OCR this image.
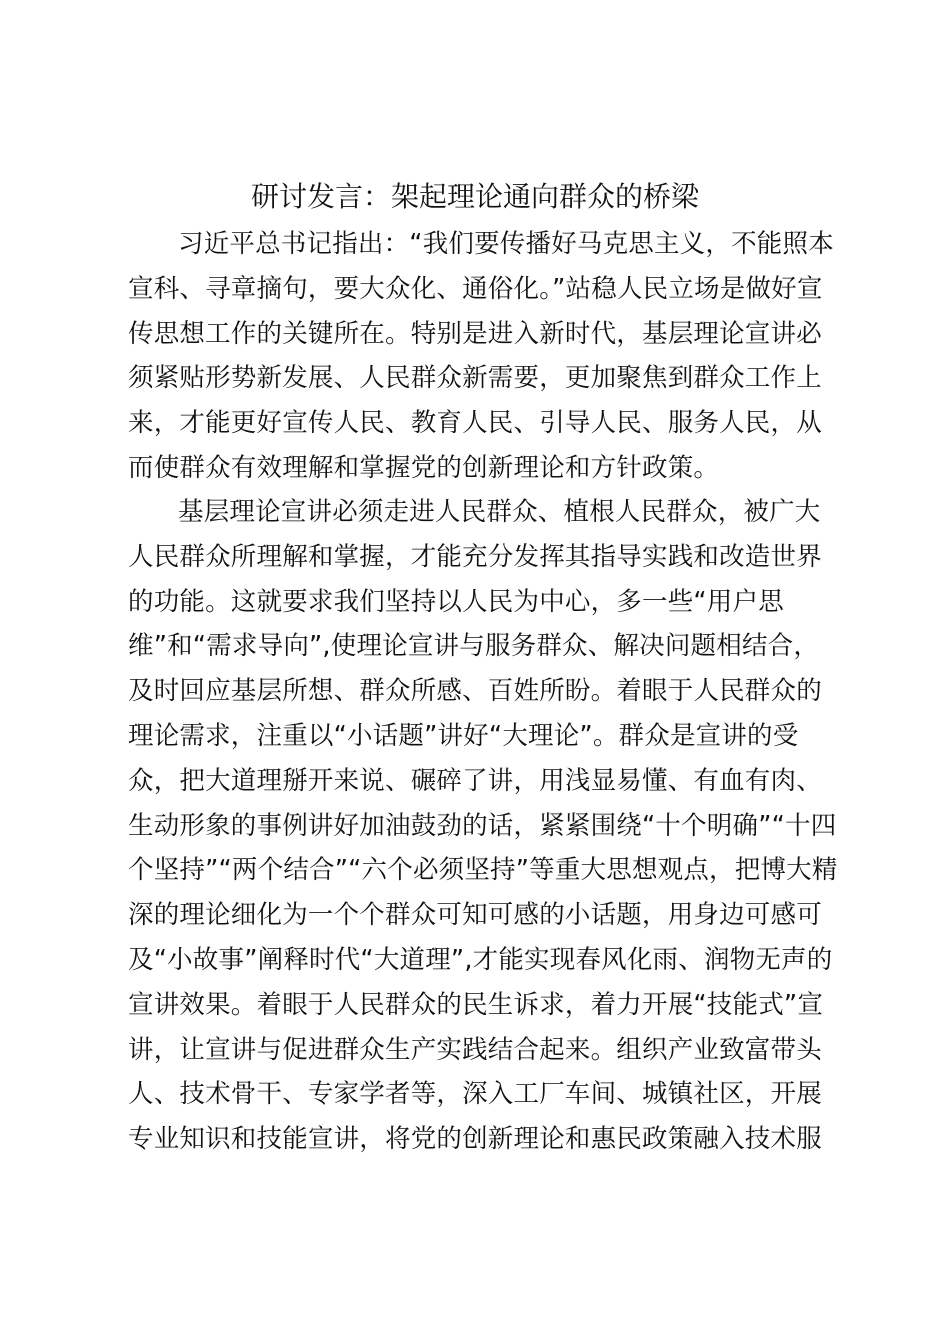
研讨发言：架起理论通向群众的桥梁
习近平总书记指出：“我们要传播好马克思主义，不能照本
宣科、寻章摘句，要大众化、通俗化。”站稳人民立场是做好宣
传思想工作的关键所在。特别是进入新时代，基层理论宣讲必
须紧贴形势新发展、人民群众新需要，更加聚焦到群众工作上
来，才能更好宣传人民、教育人民、引导人民、服务人民，从
而使群众有效理解和掌握党的创新理论和方针政策。
基层理论宣讲必须走进人民群众、植根人民群众，被广大
人民群众所理解和掌握，才能充分发挥其指导实践和改造世界
的功能。这就要求我们坚持以人民为中心，多一些“用户思
维”和“需求导向”,使理论宣讲与服务群众、解决问题相结合，
及时回应基层所想、群众所感、百姓所盼。着眼于人民群众的
理论需求，注重以“小话题”讲好“大理论”。群众是宣讲的受
众，把大道理掰开来说、碾碎了讲，用浅显易懂、有血有肉、
生动形象的事例讲好加油鼓劲的话，紧紧围绕“十个明确”“十四
个坚持”“两个结合”“六个必须坚持”等重大思想观点，把博大精
深的理论细化为一个个群众可知可感的小话题，用身边可感可
及“小故事”阐释时代“大道理”,才能实现春风化雨、润物无声的
宣讲效果。着眼于人民群众的民生诉求，着力开展“技能式”宣
讲，让宣讲与促进群众生产实践结合起来。组织产业致富带头
人、技术骨干、专家学者等，深入工厂车间、城镇社区，开展
专业知识和技能宣讲，将党的创新理论和惠民政策融入技术服
